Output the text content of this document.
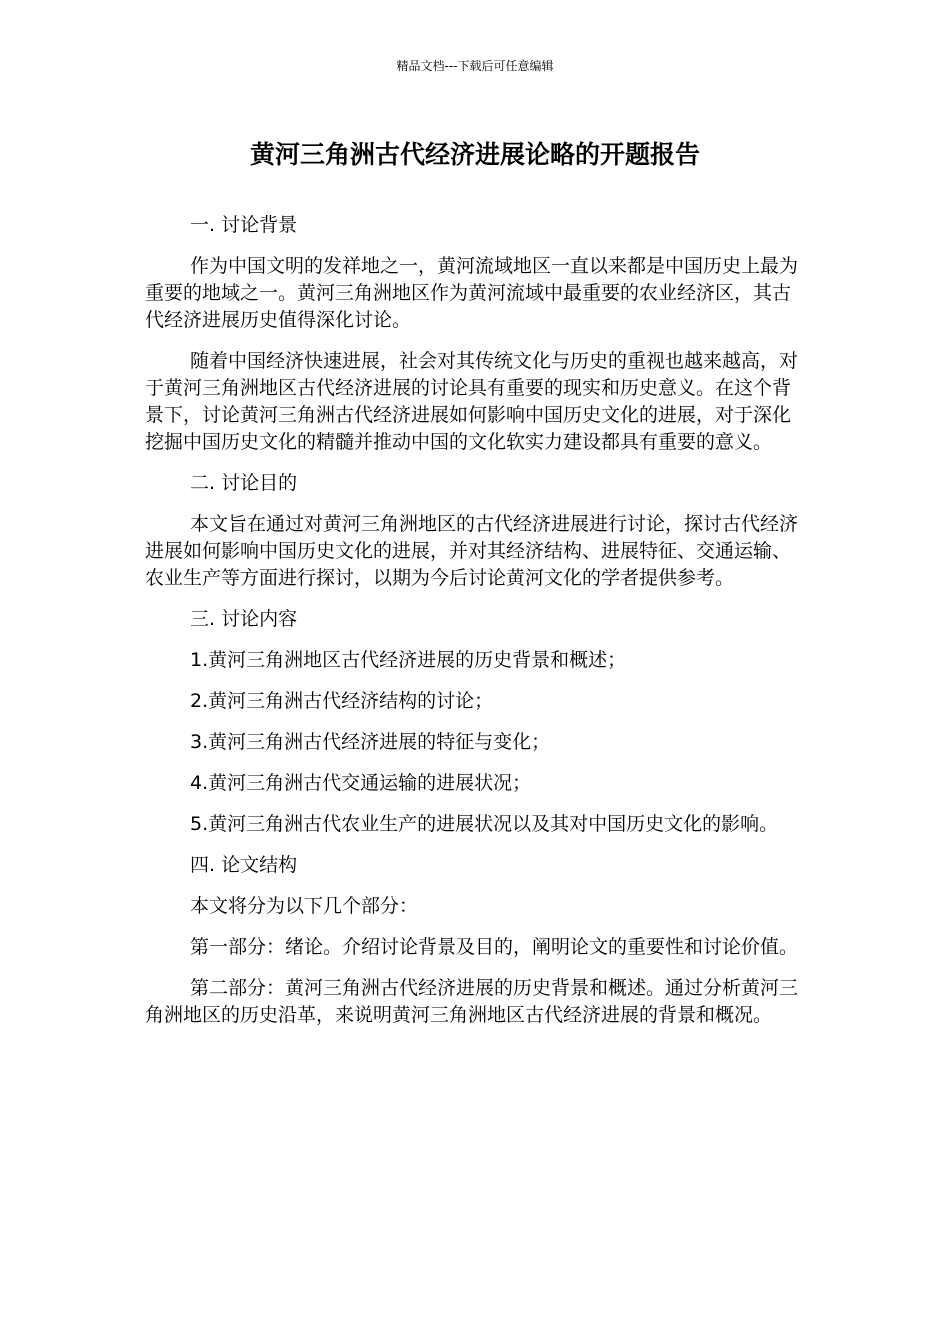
精品文档---下载后可任意编辑
黄河三角洲古代经济进展论略的开题报告

一. 讨论背景

作为中国文明的发祥地之一，黄河流域地区一直以来都是中国历史上最为重要的地域之一。黄河三角洲地区作为黄河流域中最重要的农业经济区，其古代经济进展历史值得深化讨论。

随着中国经济快速进展，社会对其传统文化与历史的重视也越来越高，对于黄河三角洲地区古代经济进展的讨论具有重要的现实和历史意义。在这个背景下，讨论黄河三角洲古代经济进展如何影响中国历史文化的进展，对于深化挖掘中国历史文化的精髓并推动中国的文化软实力建设都具有重要的意义。

二. 讨论目的

本文旨在通过对黄河三角洲地区的古代经济进展进行讨论，探讨古代经济进展如何影响中国历史文化的进展，并对其经济结构、进展特征、交通运输、农业生产等方面进行探讨，以期为今后讨论黄河文化的学者提供参考。

三. 讨论内容

1.黄河三角洲地区古代经济进展的历史背景和概述；

2.黄河三角洲古代经济结构的讨论；

3.黄河三角洲古代经济进展的特征与变化；

4.黄河三角洲古代交通运输的进展状况；

5.黄河三角洲古代农业生产的进展状况以及其对中国历史文化的影响。

四. 论文结构

本文将分为以下几个部分：

第一部分：绪论。介绍讨论背景及目的，阐明论文的重要性和讨论价值。

第二部分：黄河三角洲古代经济进展的历史背景和概述。通过分析黄河三角洲地区的历史沿革，来说明黄河三角洲地区古代经济进展的背景和概况。
